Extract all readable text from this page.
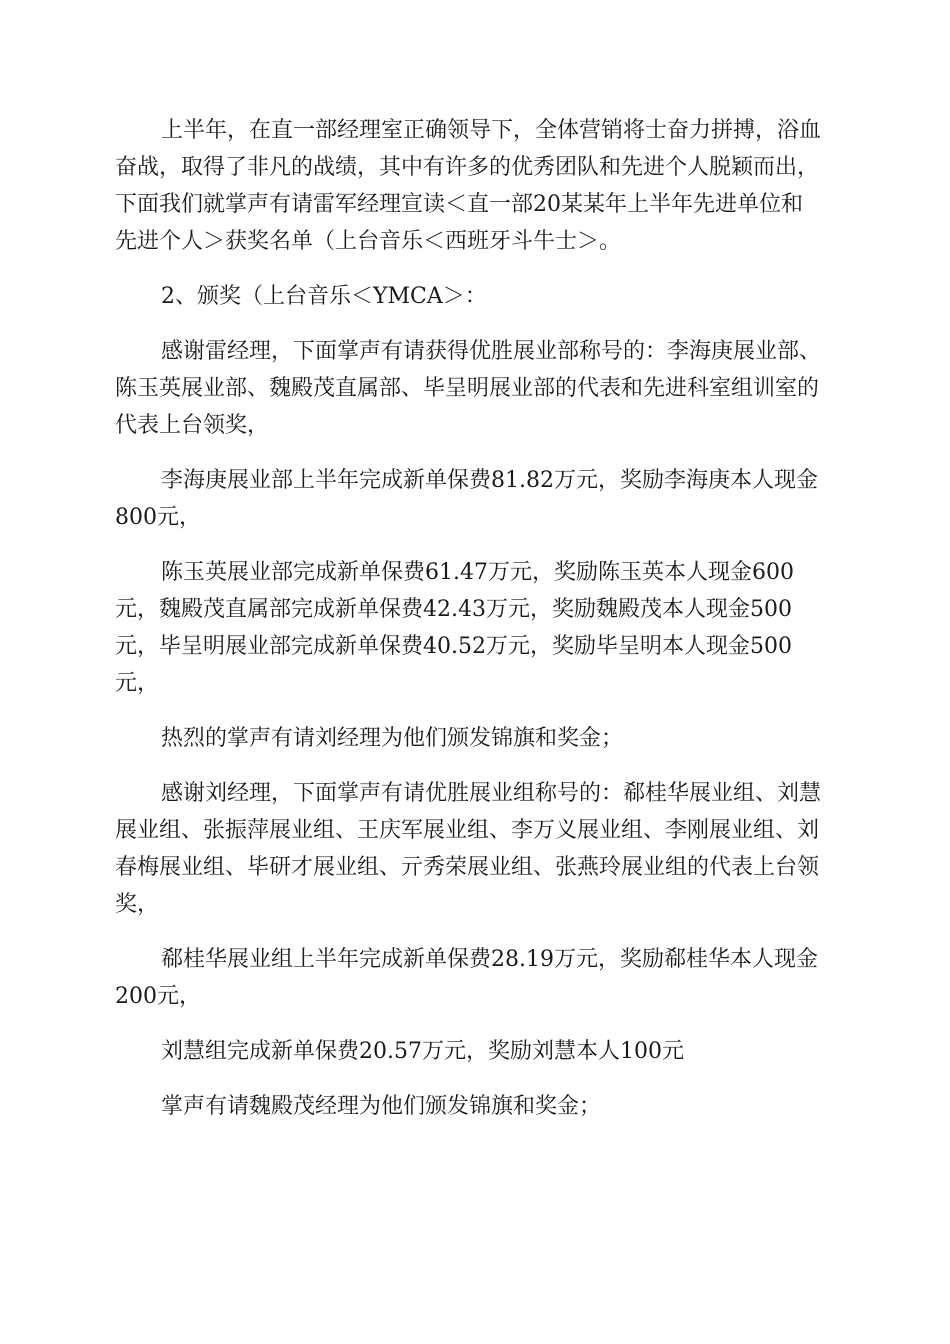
上半年，在直一部经理室正确领导下，全体营销将士奋力拼搏，浴血
奋战，取得了非凡的战绩，其中有许多的优秀团队和先进个人脱颖而出，
下面我们就掌声有请雷军经理宣读＜直一部20某某年上半年先进单位和
先进个人＞获奖名单（上台音乐＜西班牙斗牛士＞。

2、颁奖（上台音乐＜YMCA＞：

感谢雷经理，下面掌声有请获得优胜展业部称号的：李海庚展业部、
陈玉英展业部、魏殿茂直属部、毕呈明展业部的代表和先进科室组训室的
代表上台领奖，

李海庚展业部上半年完成新单保费81.82万元，奖励李海庚本人现金
800元，

陈玉英展业部完成新单保费61.47万元，奖励陈玉英本人现金600
元，魏殿茂直属部完成新单保费42.43万元，奖励魏殿茂本人现金500
元，毕呈明展业部完成新单保费40.52万元，奖励毕呈明本人现金500
元，

热烈的掌声有请刘经理为他们颁发锦旗和奖金；

感谢刘经理，下面掌声有请优胜展业组称号的：郗桂华展业组、刘慧
展业组、张振萍展业组、王庆军展业组、李万义展业组、李刚展业组、刘
春梅展业组、毕研才展业组、亓秀荣展业组、张燕玲展业组的代表上台领
奖，

郗桂华展业组上半年完成新单保费28.19万元，奖励郗桂华本人现金
200元，

刘慧组完成新单保费20.57万元，奖励刘慧本人100元

掌声有请魏殿茂经理为他们颁发锦旗和奖金；
